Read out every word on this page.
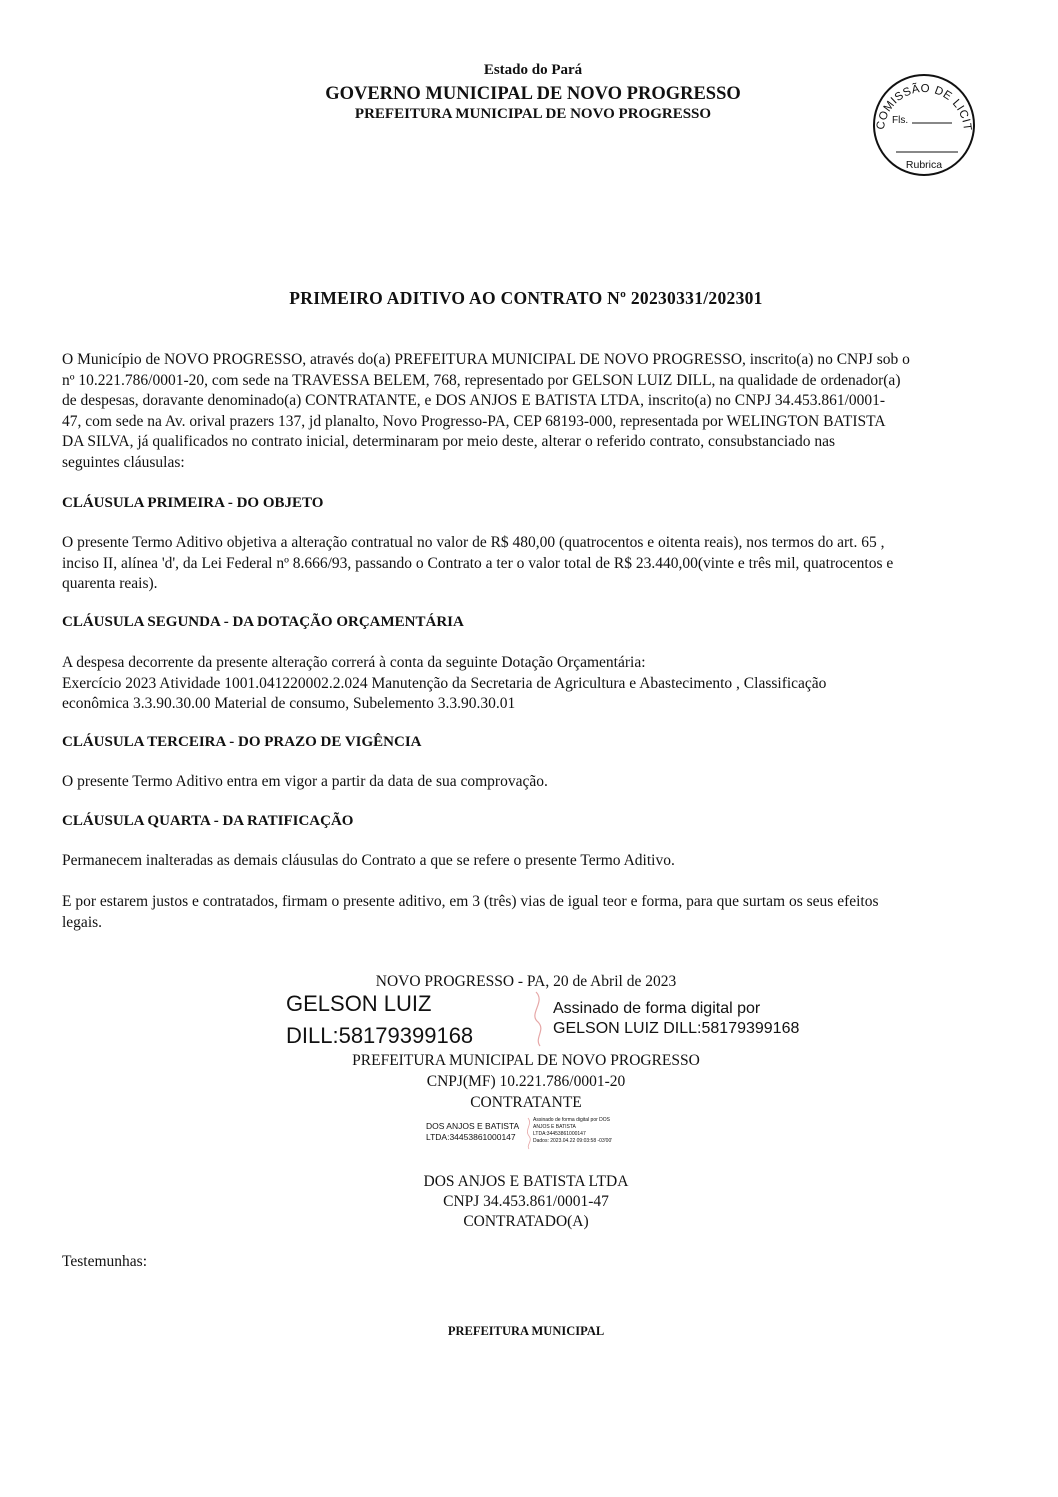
Estado do Pará
GOVERNO MUNICIPAL DE NOVO PROGRESSO
PREFEITURA MUNICIPAL DE NOVO PROGRESSO
COMISSÃO DE LICIT
Fls.
Rubrica
PRIMEIRO ADITIVO AO CONTRATO Nº 20230331/202301
O Município de NOVO PROGRESSO, através do(a) PREFEITURA MUNICIPAL DE NOVO PROGRESSO, inscrito(a) no CNPJ sob o
nº 10.221.786/0001-20, com sede na TRAVESSA BELEM, 768, representado por GELSON LUIZ DILL, na qualidade de ordenador(a)
de despesas, doravante denominado(a) CONTRATANTE, e DOS ANJOS E BATISTA LTDA, inscrito(a) no CNPJ 34.453.861/0001-
47, com sede na Av. orival prazers 137, jd planalto, Novo Progresso-PA, CEP 68193-000, representada por WELINGTON BATISTA
DA SILVA, já qualificados no contrato inicial, determinaram por meio deste, alterar o referido contrato, consubstanciado nas
seguintes cláusulas:
CLÁUSULA PRIMEIRA - DO OBJETO
O presente Termo Aditivo objetiva a alteração contratual no valor de R$ 480,00 (quatrocentos e oitenta reais), nos termos do art. 65 ,
inciso II, alínea 'd', da Lei Federal nº 8.666/93, passando o Contrato a ter o valor total de R$ 23.440,00(vinte e três mil, quatrocentos e
quarenta reais).
CLÁUSULA SEGUNDA - DA DOTAÇÃO ORÇAMENTÁRIA
A despesa decorrente da presente alteração correrá à conta da seguinte Dotação Orçamentária:
Exercício 2023 Atividade 1001.041220002.2.024 Manutenção da Secretaria de Agricultura e Abastecimento , Classificação
econômica 3.3.90.30.00 Material de consumo, Subelemento 3.3.90.30.01
CLÁUSULA TERCEIRA - DO PRAZO DE VIGÊNCIA
O presente Termo Aditivo entra em vigor a partir da data de sua comprovação.
CLÁUSULA QUARTA - DA RATIFICAÇÃO
Permanecem inalteradas as demais cláusulas do Contrato a que se refere o presente Termo Aditivo.
E por estarem justos e contratados, firmam o presente aditivo, em 3 (três) vias de igual teor e forma, para que surtam os seus efeitos
legais.
NOVO PROGRESSO - PA, 20 de Abril de 2023
GELSON LUIZ
DILL:58179399168
Assinado de forma digital por
GELSON LUIZ DILL:58179399168
PREFEITURA MUNICIPAL DE NOVO PROGRESSO
CNPJ(MF) 10.221.786/0001-20
CONTRATANTE
DOS ANJOS E BATISTA
LTDA:34453861000147
Assinado de forma digital por DOS
ANJOS E BATISTA
LTDA:34453861000147
Dados: 2023.04.22 09:03:58 -03'00'
DOS ANJOS E BATISTA LTDA
CNPJ 34.453.861/0001-47
CONTRATADO(A)
Testemunhas:
PREFEITURA MUNICIPAL
